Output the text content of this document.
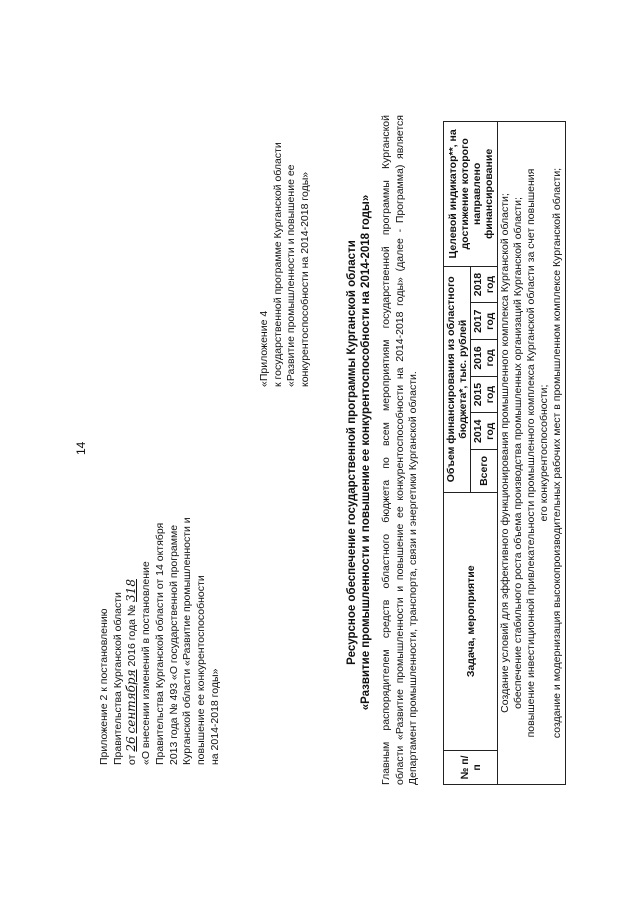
14
Приложение 2 к постановлению Правительства Курганской области от 26 сентября 2016 года № 318 «О внесении изменений в постановление Правительства Курганской области от 14 октября 2013 года № 493 «О государственной программе Курганской области «Развитие промышленности и повышение ее конкурентоспособности на 2014-2018 годы»
«Приложение 4 к государственной программе Курганской области «Развитие промышленности и повышение ее конкурентоспособности на 2014-2018 годы»	Ресурсное обеспечение государственной программы Курганской области «Развитие промышленности и повышение ее конкурентоспособности на 2014-2018 годы» Главным распорядителем средств областного бюджета по всем мероприятиям государственной программы Курганской области «Развитие промышленности и повышение ее конкурентоспособности на 2014-2018 годы» (далее - Программа) является Департамент промышленности, транспорта, связи и энергетики Курганской области.	№ п/п	Задача, мероприятие	Объем финансирования из областного бюджета*, тыс. рублей						Целевой индикатор**, на достижение которого направлено финансирование
		Всего	2014 год	2015 год	2016 год	2017 год	2018 год	

Создание условий для эффективного функционирования промышленного комплекса Курганской области; обеспечение стабильного роста объема производства промышленных организаций Курганской области; повышение инвестиционной привлекательности промышленного комплекса Курганской области за счет повышения его конкурентоспособности; создание и модернизация высокопроизводительных рабочих мест в промышленном комплексе Курганской области;								
